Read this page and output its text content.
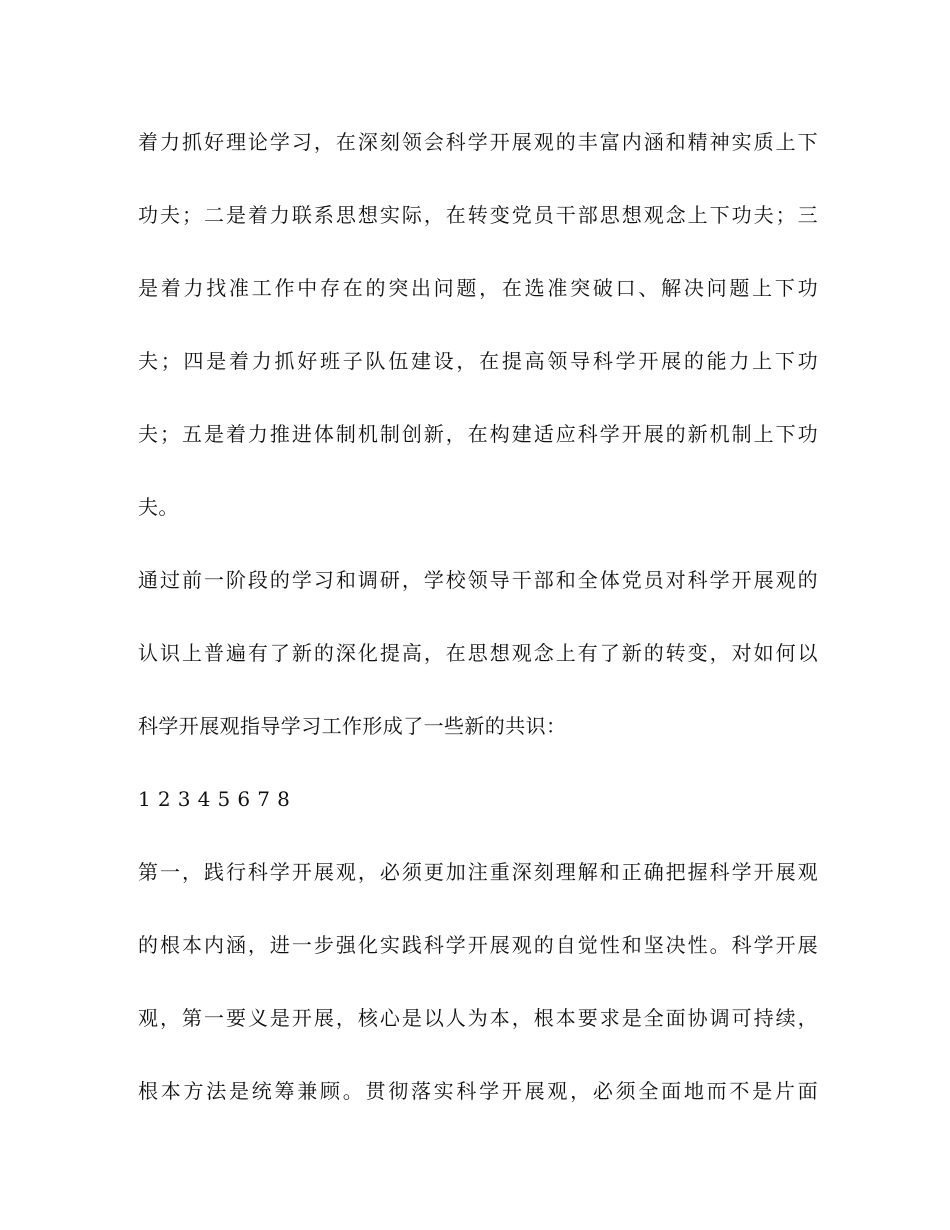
着力抓好理论学习，在深刻领会科学开展观的丰富内涵和精神实质上下
功夫；二是着力联系思想实际，在转变党员干部思想观念上下功夫；三
是着力找准工作中存在的突出问题，在选准突破口、解决问题上下功
夫；四是着力抓好班子队伍建设，在提高领导科学开展的能力上下功
夫；五是着力推进体制机制创新，在构建适应科学开展的新机制上下功
夫。
通过前一阶段的学习和调研，学校领导干部和全体党员对科学开展观的
认识上普遍有了新的深化提高，在思想观念上有了新的转变，对如何以
科学开展观指导学习工作形成了一些新的共识：
1 2 3 4 5 6 7 8
第一，践行科学开展观，必须更加注重深刻理解和正确把握科学开展观
的根本内涵，进一步强化实践科学开展观的自觉性和坚决性。科学开展
观，第一要义是开展，核心是以人为本，根本要求是全面协调可持续，
根本方法是统筹兼顾。贯彻落实科学开展观，必须全面地而不是片面
